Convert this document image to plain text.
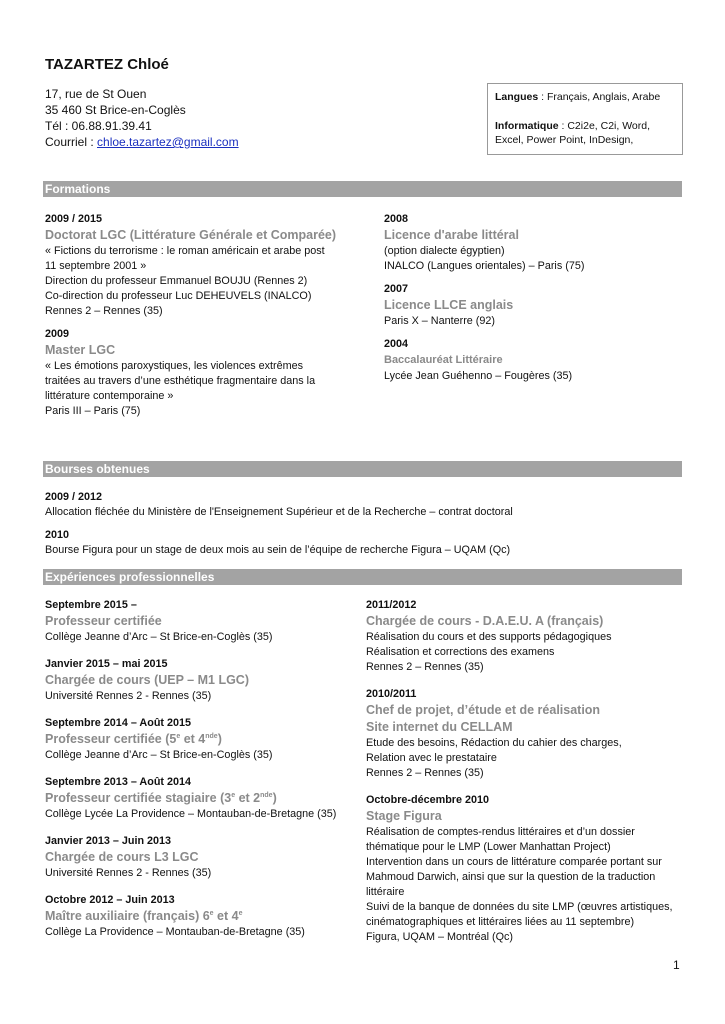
TAZARTEZ Chloé
17, rue de St Ouen
35 460 St Brice-en-Coglès
Tél : 06.88.91.39.41
Courriel : chloe.tazartez@gmail.com
Langues : Français, Anglais, Arabe
Informatique : C2i2e, C2i, Word, Excel, Power Point, InDesign,
Formations
2009 / 2015
Doctorat LGC (Littérature Générale et Comparée)
« Fictions du terrorisme : le roman américain et arabe post
11 septembre 2001 »
Direction du professeur Emmanuel BOUJU (Rennes 2)
Co-direction du professeur Luc DEHEUVELS (INALCO)
Rennes 2 – Rennes (35)
2009
Master LGC
« Les émotions paroxystiques, les violences extrêmes
traitées au travers d’une esthétique fragmentaire dans la
littérature contemporaine »
Paris III – Paris (75)
2008
Licence d'arabe littéral
(option dialecte égyptien)
INALCO (Langues orientales) – Paris (75)
2007
Licence LLCE anglais
Paris X – Nanterre (92)
2004
Baccalauréat Littéraire
Lycée Jean Guéhenno – Fougères (35)
Bourses obtenues
2009 / 2012
Allocation fléchée du Ministère de l'Enseignement Supérieur et de la Recherche – contrat doctoral
2010
Bourse Figura pour un stage de deux mois au sein de l’équipe de recherche Figura – UQAM (Qc)
Expériences professionnelles
Septembre 2015 –
Professeur certifiée
Collège Jeanne d’Arc – St Brice-en-Coglès (35)
Janvier 2015 – mai 2015
Chargée de cours (UEP – M1 LGC)
Université Rennes 2 - Rennes (35)
Septembre 2014 – Août 2015
Professeur certifiée (5e et 4nde)
Collège Jeanne d’Arc – St Brice-en-Coglès (35)
Septembre 2013 – Août 2014
Professeur certifiée stagiaire (3e et 2nde)
Collège Lycée La Providence – Montauban-de-Bretagne (35)
Janvier 2013 – Juin 2013
Chargée de cours L3 LGC
Université Rennes 2 - Rennes (35)
Octobre 2012 – Juin 2013
Maître auxiliaire (français) 6e et 4e
Collège La Providence – Montauban-de-Bretagne (35)
2011/2012
Chargée de cours - D.A.E.U. A (français)
Réalisation du cours et des supports pédagogiques
Réalisation et corrections des examens
Rennes 2 – Rennes (35)
2010/2011
Chef de projet, d’étude et de réalisation
Site internet du CELLAM
Etude des besoins, Rédaction du cahier des charges,
Relation avec le prestataire
Rennes 2 – Rennes (35)
Octobre-décembre 2010
Stage Figura
Réalisation de comptes-rendus littéraires et d’un dossier
thématique pour le LMP (Lower Manhattan Project)
Intervention dans un cours de littérature comparée portant sur
Mahmoud Darwich, ainsi que sur la question de la traduction
littéraire
Suivi de la banque de données du site LMP (œuvres artistiques,
cinématographiques et littéraires liées au 11 septembre)
Figura, UQAM – Montréal (Qc)
1
